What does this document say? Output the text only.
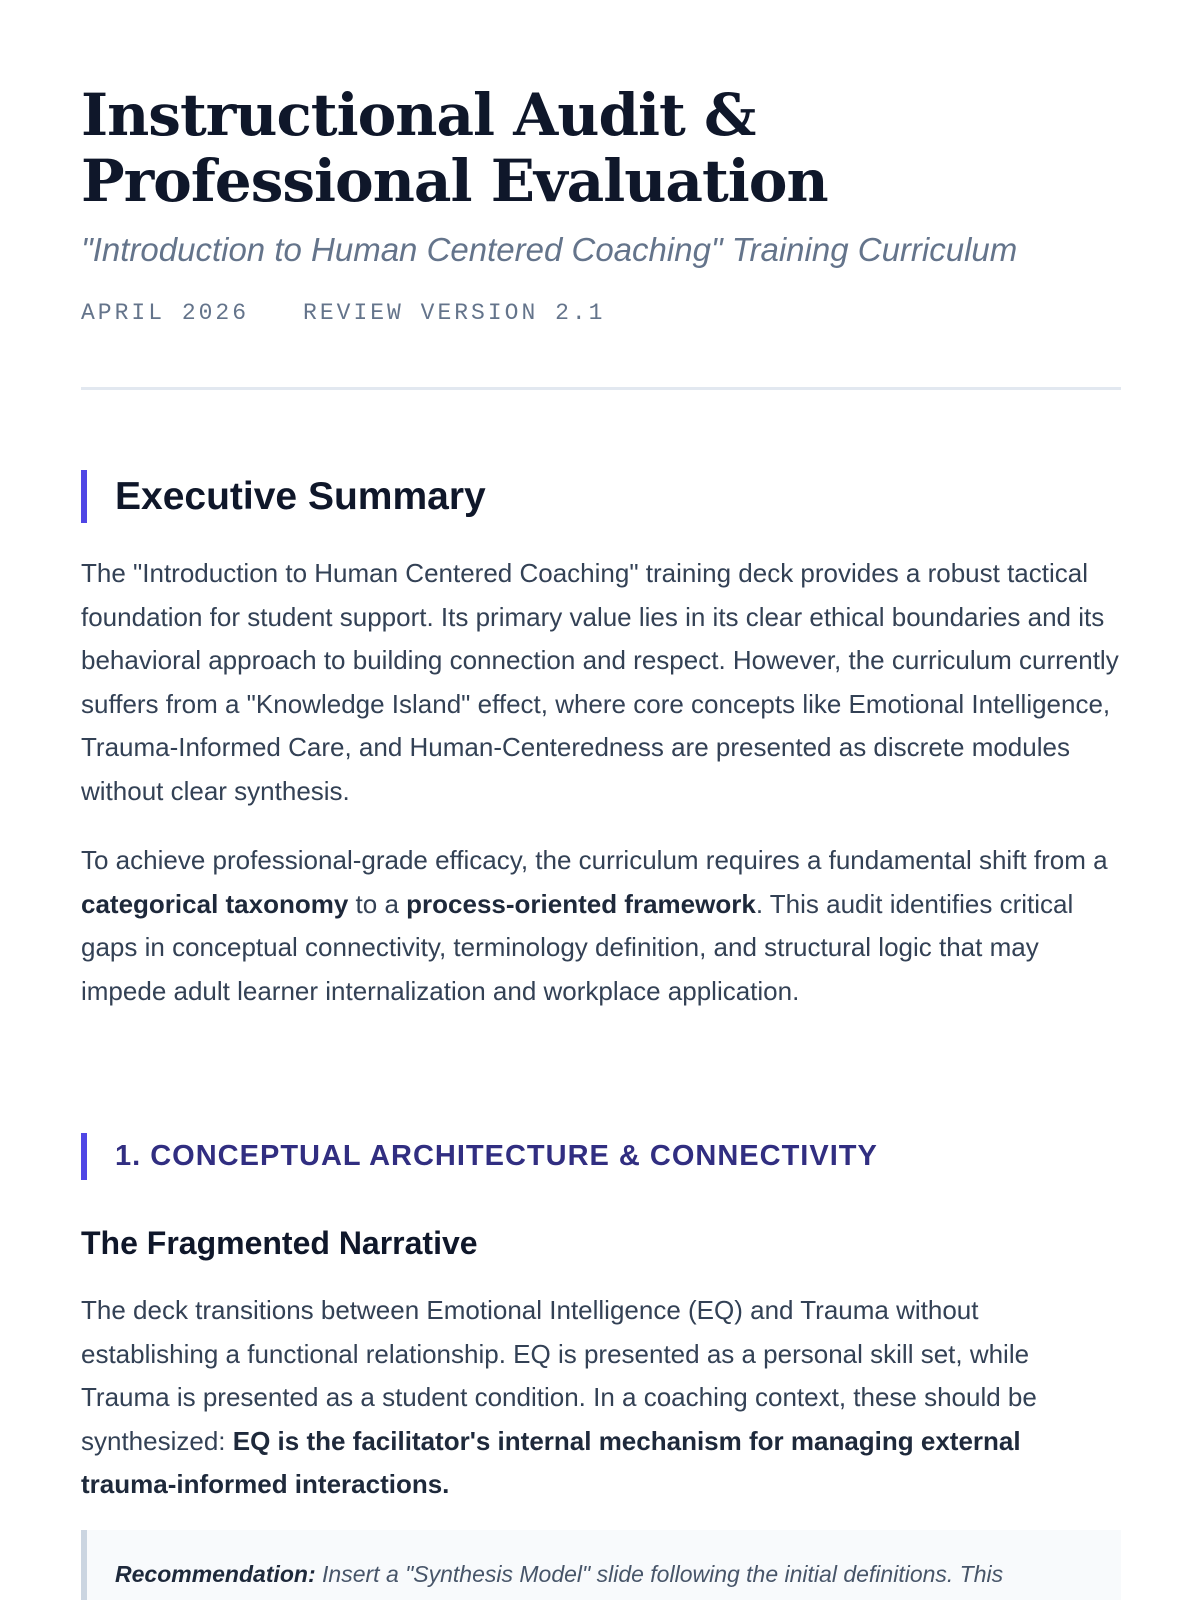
Instructional Audit & Professional Evaluation

"Introduction to Human Centered Coaching" Training Curriculum

APRIL 2026 REVIEW VERSION 2.1
Executive Summary

The "Introduction to Human Centered Coaching" training deck provides a robust tactical foundation for student support. Its primary value lies in its clear ethical boundaries and its behavioral approach to building connection and respect. However, the curriculum currently suffers from a "Knowledge Island" effect, where core concepts like Emotional Intelligence, Trauma-Informed Care, and Human-Centeredness are presented as discrete modules without clear synthesis.

To achieve professional-grade efficacy, the curriculum requires a fundamental shift from a categorical taxonomy to a process-oriented framework. This audit identifies critical gaps in conceptual connectivity, terminology definition, and structural logic that may impede adult learner internalization and workplace application.

1. CONCEPTUAL ARCHITECTURE & CONNECTIVITY
The Fragmented Narrative

The deck transitions between Emotional Intelligence (EQ) and Trauma without establishing a functional relationship. EQ is presented as a personal skill set, while Trauma is presented as a student condition. In a coaching context, these should be synthesized: EQ is the facilitator's internal mechanism for managing external trauma-informed interactions.

Recommendation: Insert a "Synthesis Model" slide following the initial definitions. This
